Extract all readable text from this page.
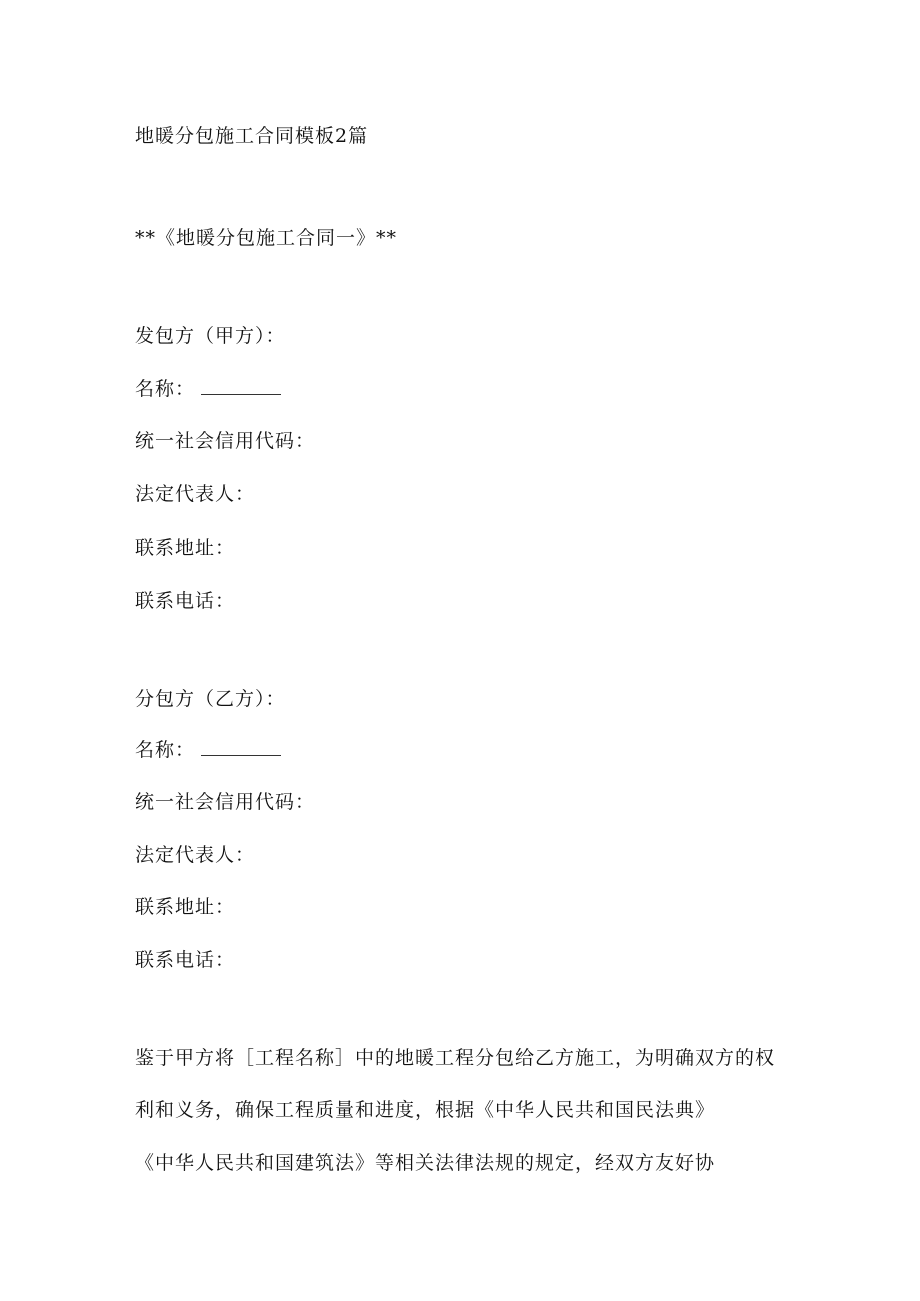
地暖分包施工合同模板2篇
**《地暖分包施工合同一》**
发包方（甲方）：
名称：
统一社会信用代码：
法定代表人：
联系地址：
联系电话：
分包方（乙方）：
名称：
统一社会信用代码：
法定代表人：
联系地址：
联系电话：
鉴于甲方将［工程名称］中的地暖工程分包给乙方施工，为明确双方的权
利和义务，确保工程质量和进度，根据《中华人民共和国民法典》
《中华人民共和国建筑法》等相关法律法规的规定，经双方友好协
